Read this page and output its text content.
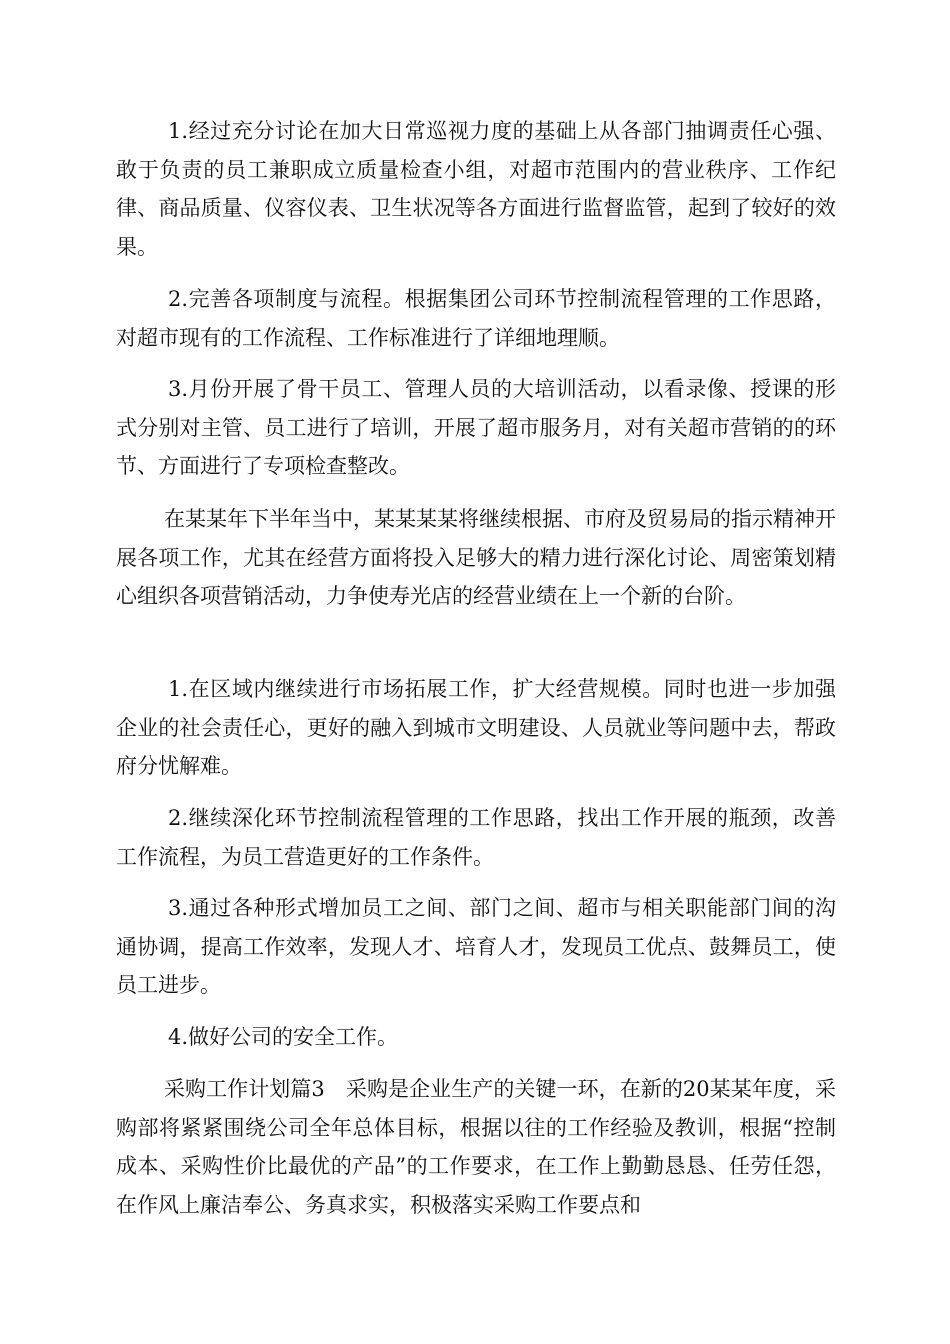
1.经过充分讨论在加大日常巡视力度的基础上从各部门抽调责任心强、敢于负责的员工兼职成立质量检查小组，对超市范围内的营业秩序、工作纪律、商品质量、仪容仪表、卫生状况等各方面进行监督监管，起到了较好的效果。

2.完善各项制度与流程。根据集团公司环节控制流程管理的工作思路，对超市现有的工作流程、工作标准进行了详细地理顺。

3.月份开展了骨干员工、管理人员的大培训活动，以看录像、授课的形式分别对主管、员工进行了培训，开展了超市服务月，对有关超市营销的的环节、方面进行了专项检查整改。

在某某年下半年当中，某某某某将继续根据、市府及贸易局的指示精神开展各项工作，尤其在经营方面将投入足够大的精力进行深化讨论、周密策划精心组织各项营销活动，力争使寿光店的经营业绩在上一个新的台阶。

1.在区域内继续进行市场拓展工作，扩大经营规模。同时也进一步加强企业的社会责任心，更好的融入到城市文明建设、人员就业等问题中去，帮政府分忧解难。

2.继续深化环节控制流程管理的工作思路，找出工作开展的瓶颈，改善工作流程，为员工营造更好的工作条件。

3.通过各种形式增加员工之间、部门之间、超市与相关职能部门间的沟通协调，提高工作效率，发现人才、培育人才，发现员工优点、鼓舞员工，使员工进步。

4.做好公司的安全工作。

采购工作计划篇3　采购是企业生产的关键一环，在新的20某某年度，采购部将紧紧围绕公司全年总体目标，根据以往的工作经验及教训，根据“控制成本、采购性价比最优的产品”的工作要求，在工作上勤勤恳恳、任劳任怨，在作风上廉洁奉公、务真求实，积极落实采购工作要点和
